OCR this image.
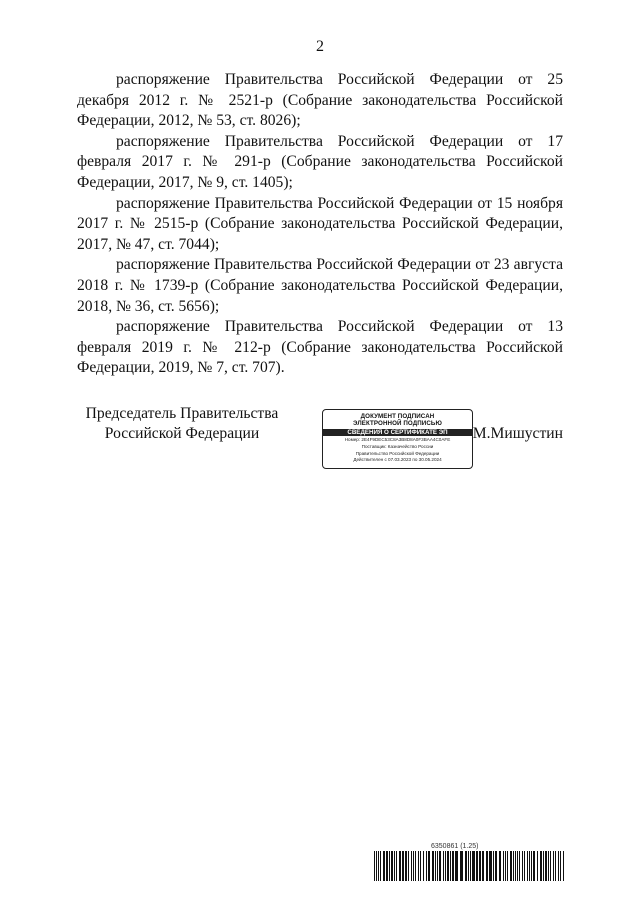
2

распоряжение Правительства Российской Федерации от 25 декабря 2012 г. № 2521-р (Собрание законодательства Российской Федерации, 2012, № 53, ст. 8026);

распоряжение Правительства Российской Федерации от 17 февраля 2017 г. № 291-р (Собрание законодательства Российской Федерации, 2017, № 9, ст. 1405);

распоряжение Правительства Российской Федерации от 15 ноября 2017 г. № 2515-р (Собрание законодательства Российской Федерации, 2017, № 47, ст. 7044);

распоряжение Правительства Российской Федерации от 23 августа 2018 г. № 1739-р (Собрание законодательства Российской Федерации, 2018, № 36, ст. 5656);

распоряжение Правительства Российской Федерации от 13 февраля 2019 г. № 212-р (Собрание законодательства Российской Федерации, 2019, № 7, ст. 707).

Председатель Правительства
Российской Федерации
ДОКУМЕНТ ПОДПИСАН
ЭЛЕКТРОННОЙ ПОДПИСЬЮ
СВЕДЕНИЯ О СЕРТИФИКАТЕ ЭП
Номер: 2E4F9DEC53C8A3B8D8A0F3BAA4C0AFE
Поставщик: Казначейство России
Правительство Российской Федерации
Действителен с 07.03.2023 по 30.05.2024
М.Мишустин
6350861 (1.25)
